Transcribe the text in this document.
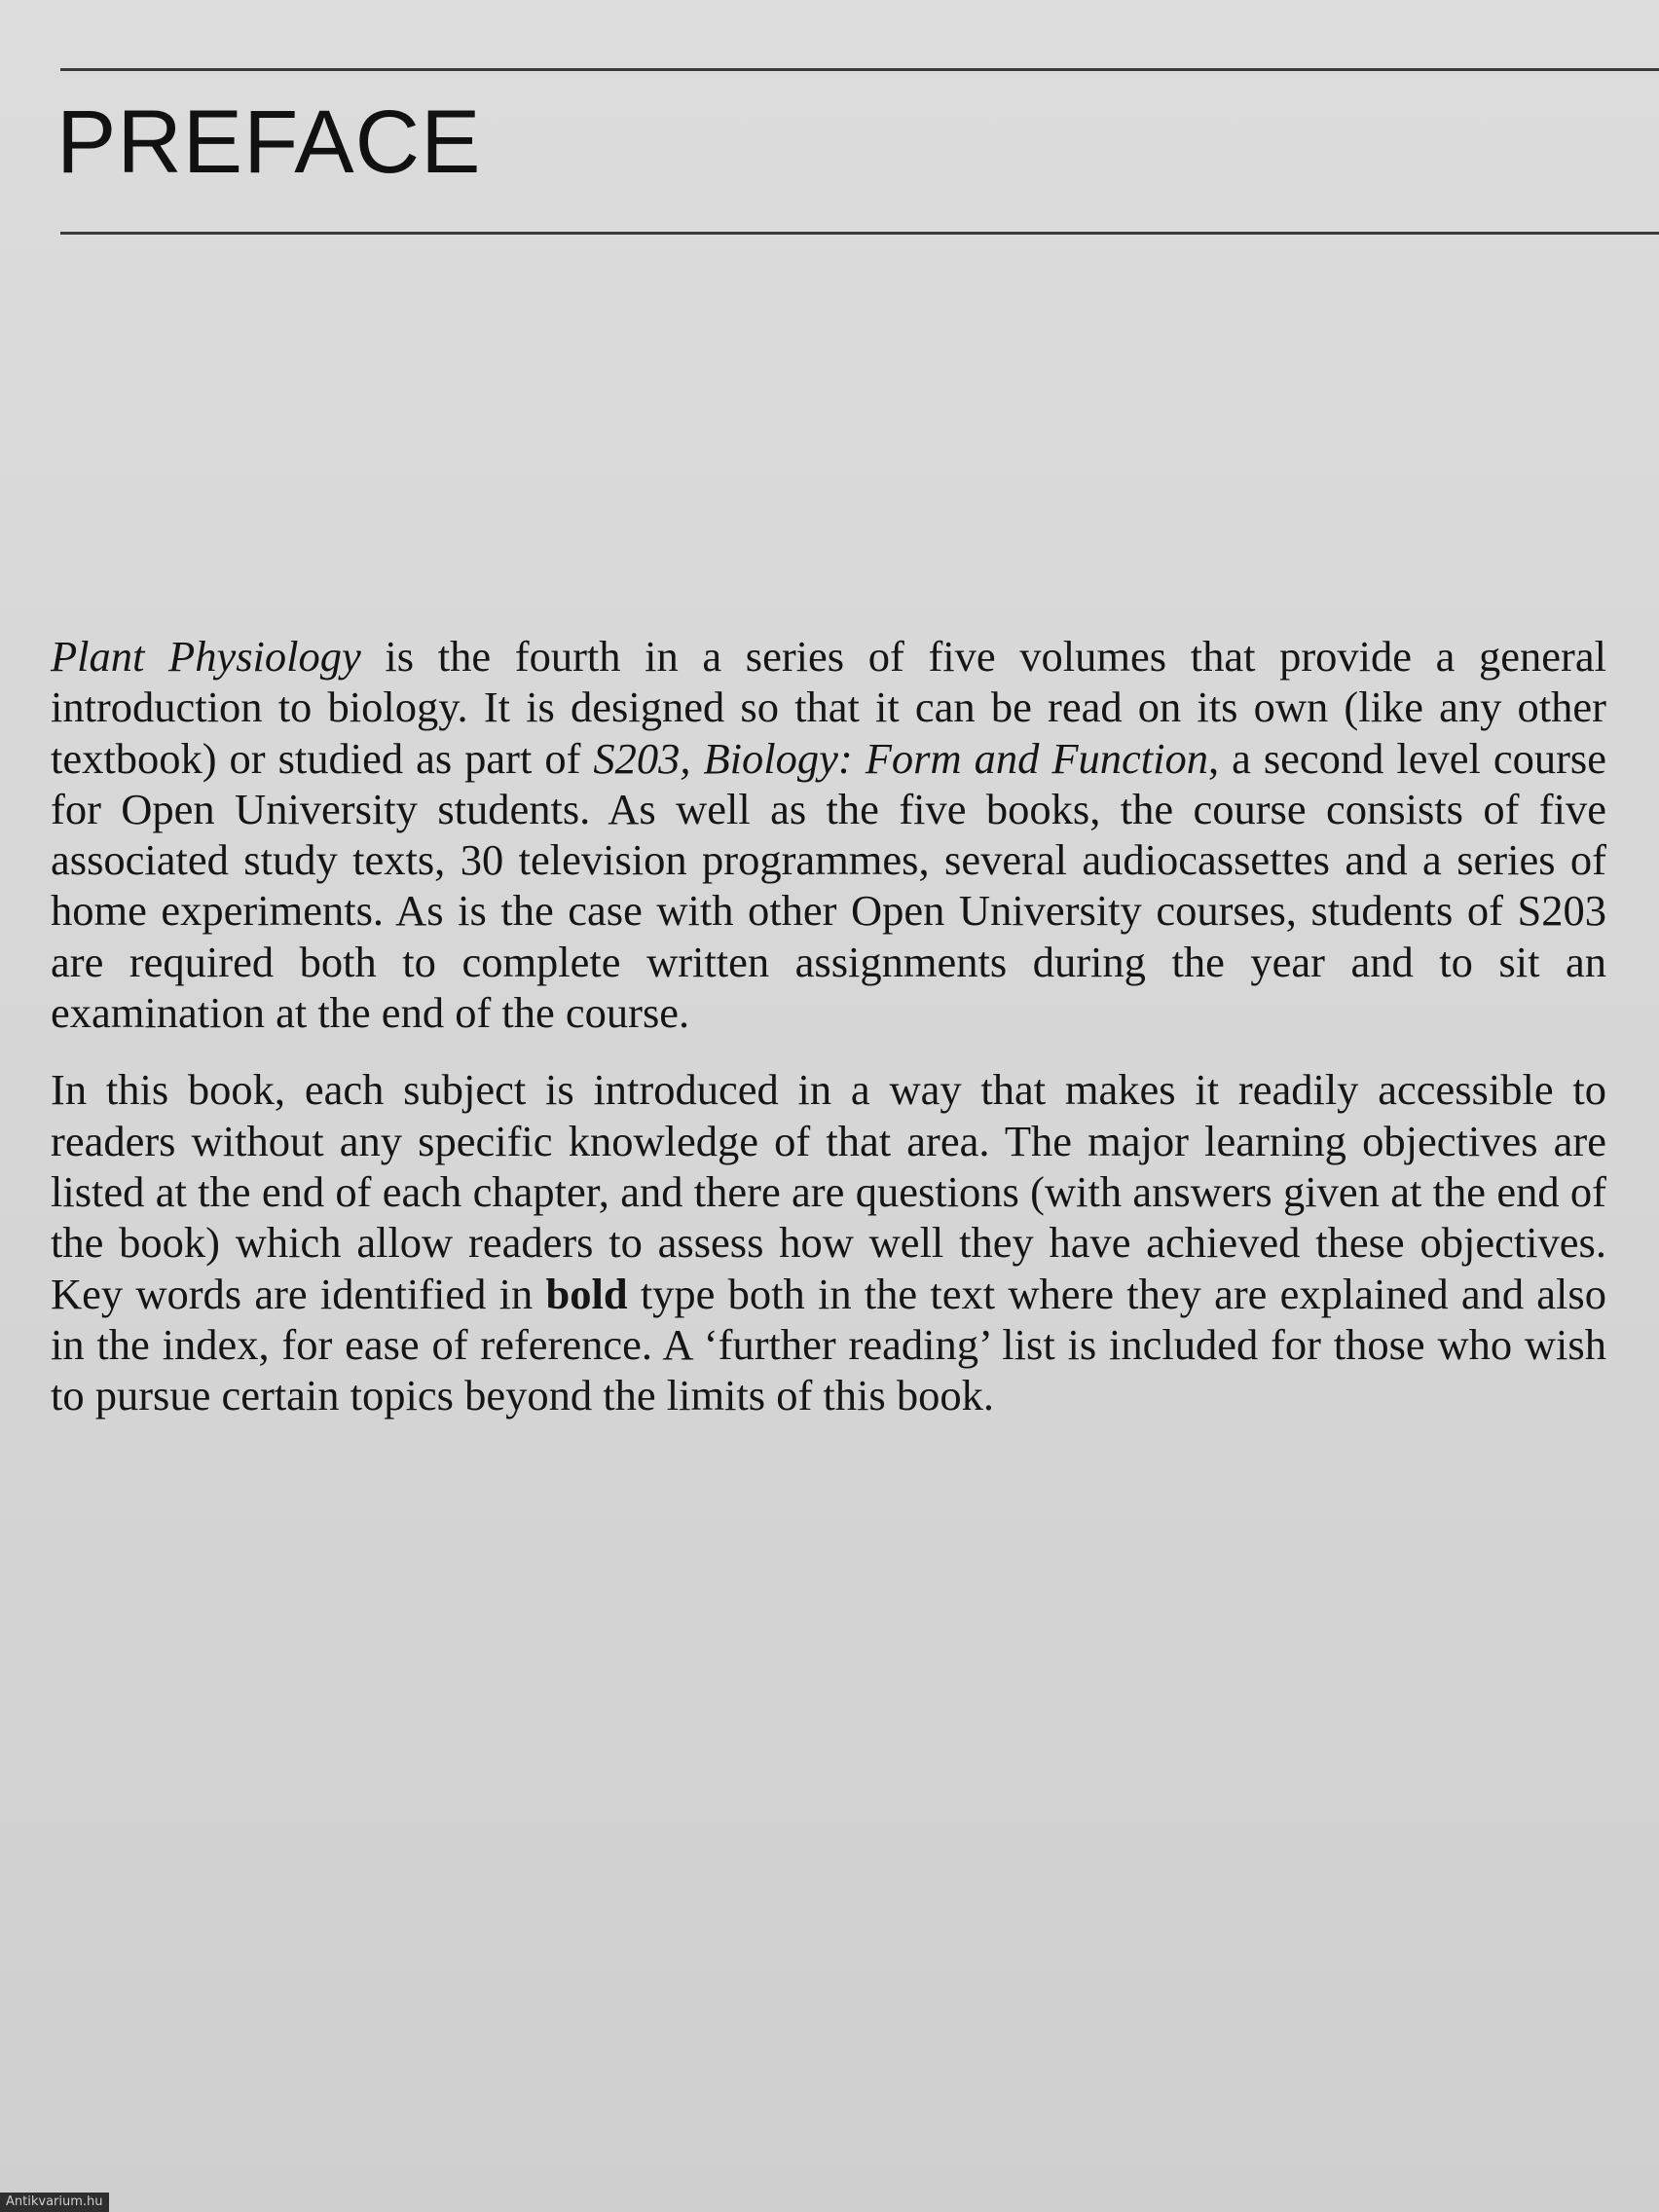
PREFACE

Plant Physiology is the fourth in a series of five volumes that provide a general introduction to biology. It is designed so that it can be read on its own (like any other textbook) or studied as part of S203, Biology: Form and Function, a second level course for Open University students. As well as the five books, the course consists of five associated study texts, 30 television programmes, several audiocassettes and a series of home experiments. As is the case with other Open University courses, students of S203 are required both to complete written assignments during the year and to sit an examination at the end of the course.

In this book, each subject is introduced in a way that makes it readily accessible to readers without any specific knowledge of that area. The major learning objectives are listed at the end of each chapter, and there are questions (with answers given at the end of the book) which allow readers to assess how well they have achieved these objectives. Key words are identified in bold type both in the text where they are explained and also in the index, for ease of reference. A ‘further reading’ list is included for those who wish to pursue certain topics beyond the limits of this book.

Antikvarium.hu
